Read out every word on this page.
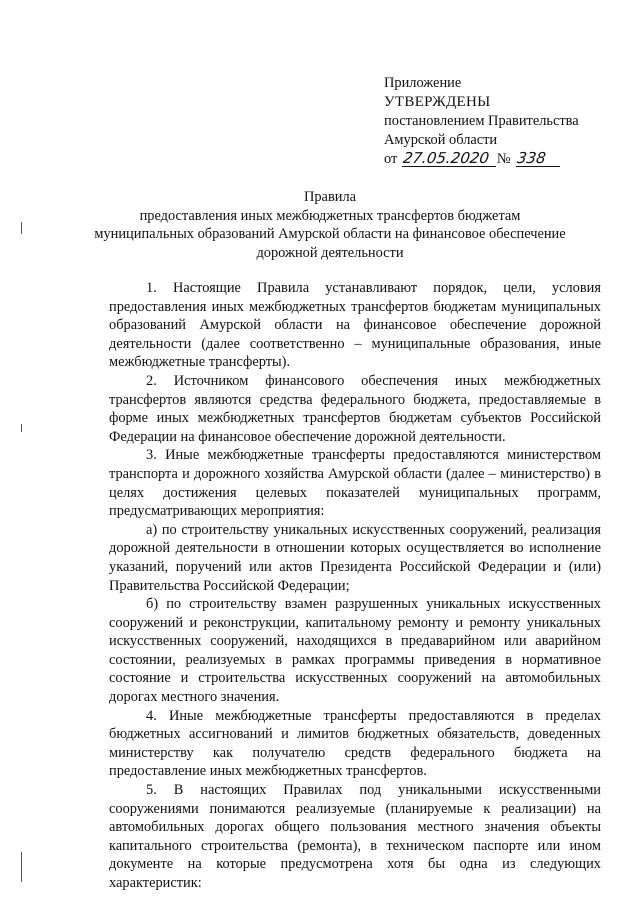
Приложение
УТВЕРЖДЕНЫ
постановлением Правительства
Амурской области
от 27.05.2020 № 338
Правила
предоставления иных межбюджетных трансфертов бюджетам
муниципальных образований Амурской области на финансовое обеспечение
дорожной деятельности

1. Настоящие Правила устанавливают порядок, цели, условия предоставления иных межбюджетных трансфертов бюджетам муниципальных образований Амурской области на финансовое обеспечение дорожной деятельности (далее соответственно – муниципальные образования, иные межбюджетные трансферты).

2. Источником финансового обеспечения иных межбюджетных трансфертов являются средства федерального бюджета, предоставляемые в форме иных межбюджетных трансфертов бюджетам субъектов Российской Федерации на финансовое обеспечение дорожной деятельности.

3. Иные межбюджетные трансферты предоставляются министерством транспорта и дорожного хозяйства Амурской области (далее – министерство) в целях достижения целевых показателей муниципальных программ, предусматривающих мероприятия:

а) по строительству уникальных искусственных сооружений, реализация дорожной деятельности в отношении которых осуществляется во исполнение указаний, поручений или актов Президента Российской Федерации и (или) Правительства Российской Федерации;

б) по строительству взамен разрушенных уникальных искусственных сооружений и реконструкции, капитальному ремонту и ремонту уникальных искусственных сооружений, находящихся в предаварийном или аварийном состоянии, реализуемых в рамках программы приведения в нормативное состояние и строительства искусственных сооружений на автомобильных дорогах местного значения.

4. Иные межбюджетные трансферты предоставляются в пределах бюджетных ассигнований и лимитов бюджетных обязательств, доведенных министерству как получателю средств федерального бюджета на предоставление иных межбюджетных трансфертов.

5. В настоящих Правилах под уникальными искусственными сооружениями понимаются реализуемые (планируемые к реализации) на автомобильных дорогах общего пользования местного значения объекты капитального строительства (ремонта), в техническом паспорте или ином документе на которые предусмотрена хотя бы одна из следующих характеристик:
